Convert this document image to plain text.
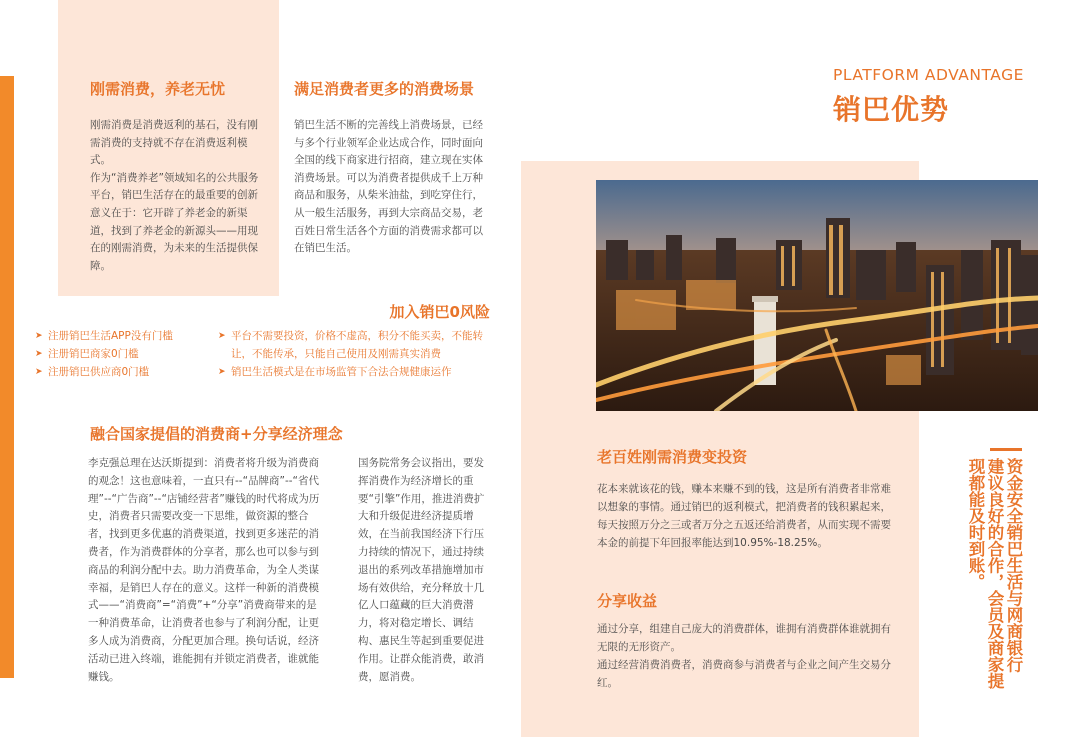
刚需消费，养老无忧

刚需消费是消费返利的基石，没有刚需消费的支持就不存在消费返利模式。

作为“消费养老”领域知名的公共服务平台，销巴生活存在的最重要的创新意义在于：它开辟了养老金的新渠道，找到了养老金的新源头——用现在的刚需消费，为未来的生活提供保障。

满足消费者更多的消费场景

销巴生活不断的完善线上消费场景，已经与多个行业领军企业达成合作，同时面向全国的线下商家进行招商，建立现在实体消费场景。可以为消费者提供成千上万种商品和服务，从柴米油盐，到吃穿住行，从一般生活服务，再到大宗商品交易，老百姓日常生活各个方面的消费需求都可以在销巴生活。

加入销巴0风险
➤ 注册销巴生活APP没有门槛
➤ 注册销巴商家0门槛
➤ 注册销巴供应商0门槛
➤ 平台不需要投资，价格不虚高，积分不能买卖，不能转让，不能传承，只能自己使用及刚需真实消费
➤ 销巴生活模式是在市场监管下合法合规健康运作
融合国家提倡的消费商+分享经济理念
李克强总理在达沃斯提到：消费者将升级为消费商的观念！这也意味着，一直只有--“品牌商”--“省代理”--“广告商”--“店铺经营者”赚钱的时代将成为历史，消费者只需要改变一下思维，做资源的整合者，找到更多优惠的消费渠道，找到更多迷茫的消费者，作为消费群体的分享者，那么也可以参与到商品的利润分配中去。助力消费革命，为全人类谋幸福，是销巴人存在的意义。这样一种新的消费模式——“消费商”=“消费”+“分享”消费商带来的是一种消费革命，让消费者也参与了利润分配，让更多人成为消费商，分配更加合理。换句话说，经济活动已进入终端，谁能拥有并锁定消费者，谁就能赚钱。
国务院常务会议指出，要发挥消费作为经济增长的重要“引擎”作用，推进消费扩大和升级促进经济提质增效，在当前我国经济下行压力持续的情况下，通过持续退出的系列改革措施增加市场有效供给，充分释放十几亿人口蕴藏的巨大消费潜力，将对稳定增长、调结构、惠民生等起到重要促进作用。让群众能消费，敢消费，愿消费。
PLATFORM ADVANTAGE
销巴优势
老百姓刚需消费变投资

花本来就该花的钱，赚本来赚不到的钱，这是所有消费者非常难以想象的事情。通过销巴的返利模式，把消费者的钱积累起来，每天按照万分之三或者万分之五返还给消费者，从而实现不需要本金的前提下年回报率能达到10.95%-18.25%。

分享收益

通过分享，组建自己庞大的消费群体，谁拥有消费群体谁就拥有无限的无形资产。

通过经营消费消费者，消费商参与消费者与企业之间产生交易分红。

资金安全销巴生活与网商银行
建议良好的合作，会员及商家提
现都能及时到账。
